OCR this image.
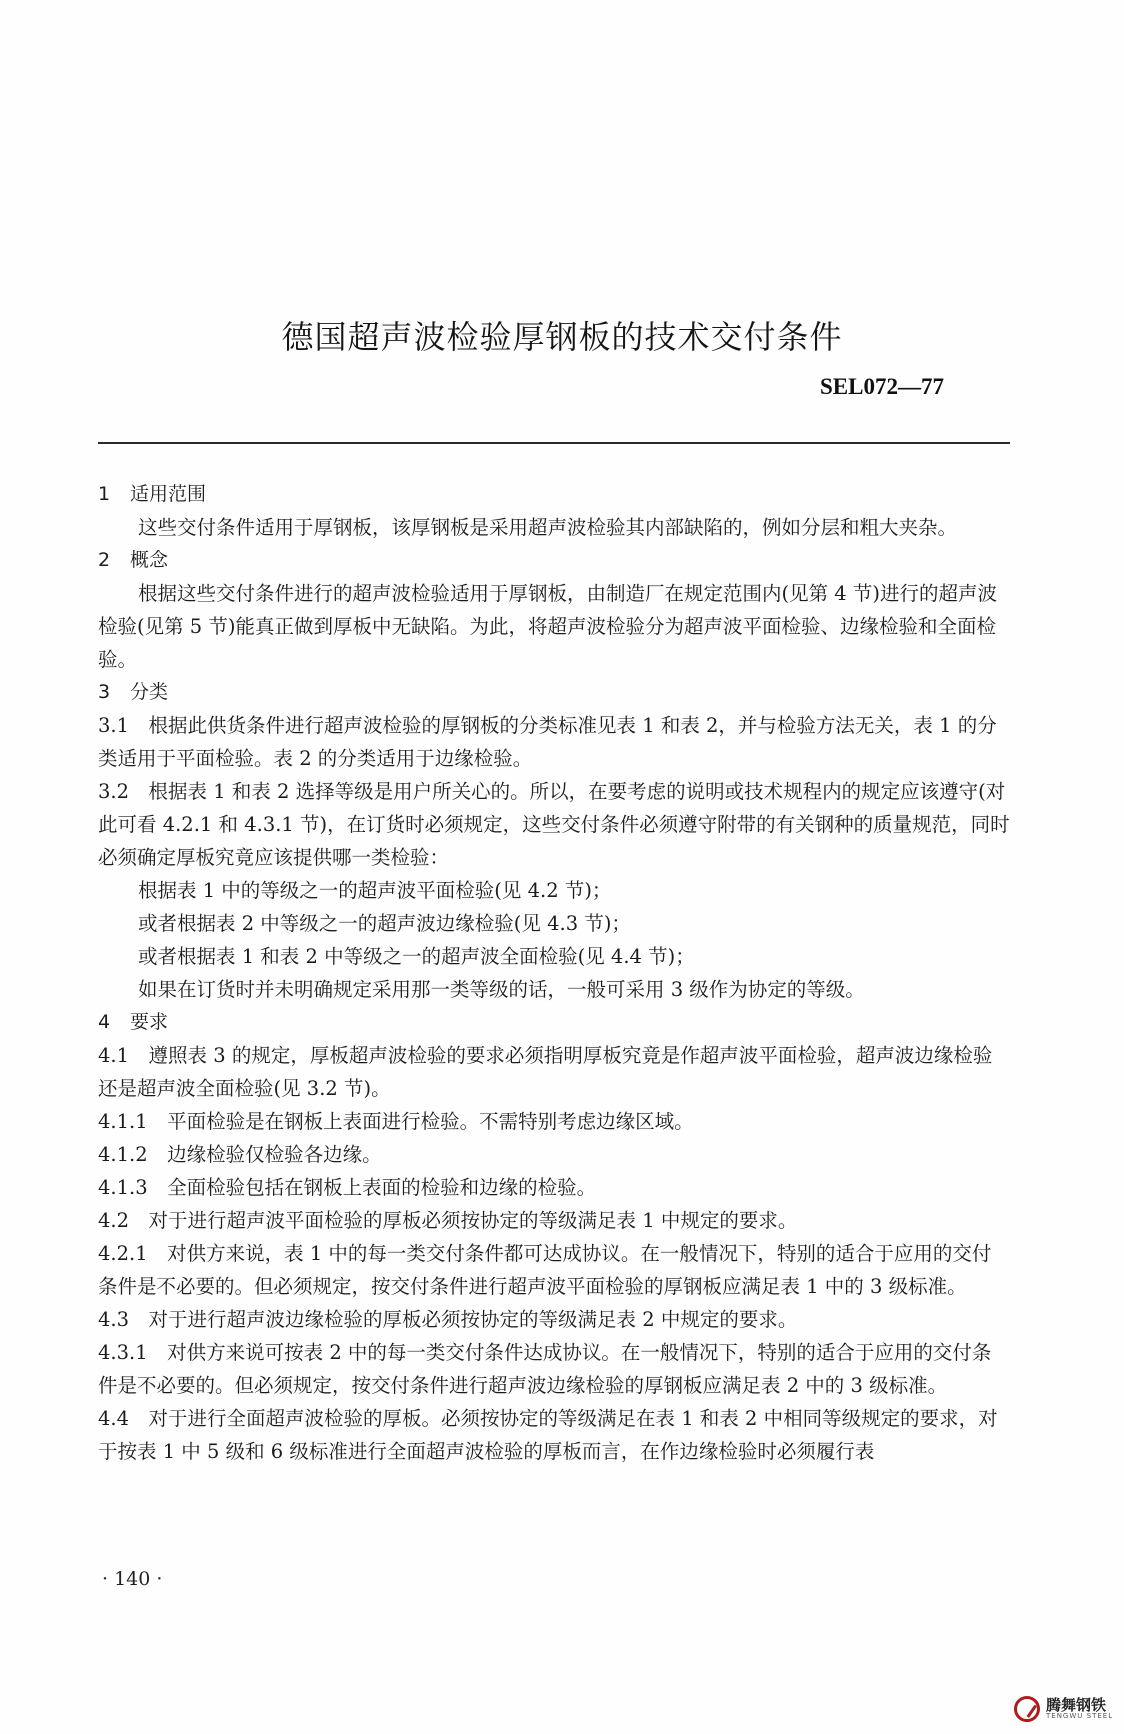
德国超声波检验厚钢板的技术交付条件
SEL072—77

1 适用范围

这些交付条件适用于厚钢板，该厚钢板是采用超声波检验其内部缺陷的，例如分层和粗大夹杂。

2 概念

根据这些交付条件进行的超声波检验适用于厚钢板，由制造厂在规定范围内(见第 4 节)进行的超声波检验(见第 5 节)能真正做到厚板中无缺陷。为此，将超声波检验分为超声波平面检验、边缘检验和全面检验。

3 分类

3.1　根据此供货条件进行超声波检验的厚钢板的分类标准见表 1 和表 2，并与检验方法无关，表 1 的分类适用于平面检验。表 2 的分类适用于边缘检验。

3.2　根据表 1 和表 2 选择等级是用户所关心的。所以，在要考虑的说明或技术规程内的规定应该遵守(对此可看 4.2.1 和 4.3.1 节)，在订货时必须规定，这些交付条件必须遵守附带的有关钢种的质量规范，同时必须确定厚板究竟应该提供哪一类检验：

根据表 1 中的等级之一的超声波平面检验(见 4.2 节)；

或者根据表 2 中等级之一的超声波边缘检验(见 4.3 节)；

或者根据表 1 和表 2 中等级之一的超声波全面检验(见 4.4 节)；

如果在订货时并未明确规定采用那一类等级的话，一般可采用 3 级作为协定的等级。

4 要求

4.1　遵照表 3 的规定，厚板超声波检验的要求必须指明厚板究竟是作超声波平面检验，超声波边缘检验还是超声波全面检验(见 3.2 节)。

4.1.1　平面检验是在钢板上表面进行检验。不需特别考虑边缘区域。

4.1.2　边缘检验仅检验各边缘。

4.1.3　全面检验包括在钢板上表面的检验和边缘的检验。

4.2　对于进行超声波平面检验的厚板必须按协定的等级满足表 1 中规定的要求。

4.2.1　对供方来说，表 1 中的每一类交付条件都可达成协议。在一般情况下，特别的适合于应用的交付条件是不必要的。但必须规定，按交付条件进行超声波平面检验的厚钢板应满足表 1 中的 3 级标准。

4.3　对于进行超声波边缘检验的厚板必须按协定的等级满足表 2 中规定的要求。

4.3.1　对供方来说可按表 2 中的每一类交付条件达成协议。在一般情况下，特别的适合于应用的交付条件是不必要的。但必须规定，按交付条件进行超声波边缘检验的厚钢板应满足表 2 中的 3 级标准。

4.4　对于进行全面超声波检验的厚板。必须按协定的等级满足在表 1 和表 2 中相同等级规定的要求，对于按表 1 中 5 级和 6 级标准进行全面超声波检验的厚板而言，在作边缘检验时必须履行表

· 140 ·
腾舞钢铁
TENGWU STEEL
